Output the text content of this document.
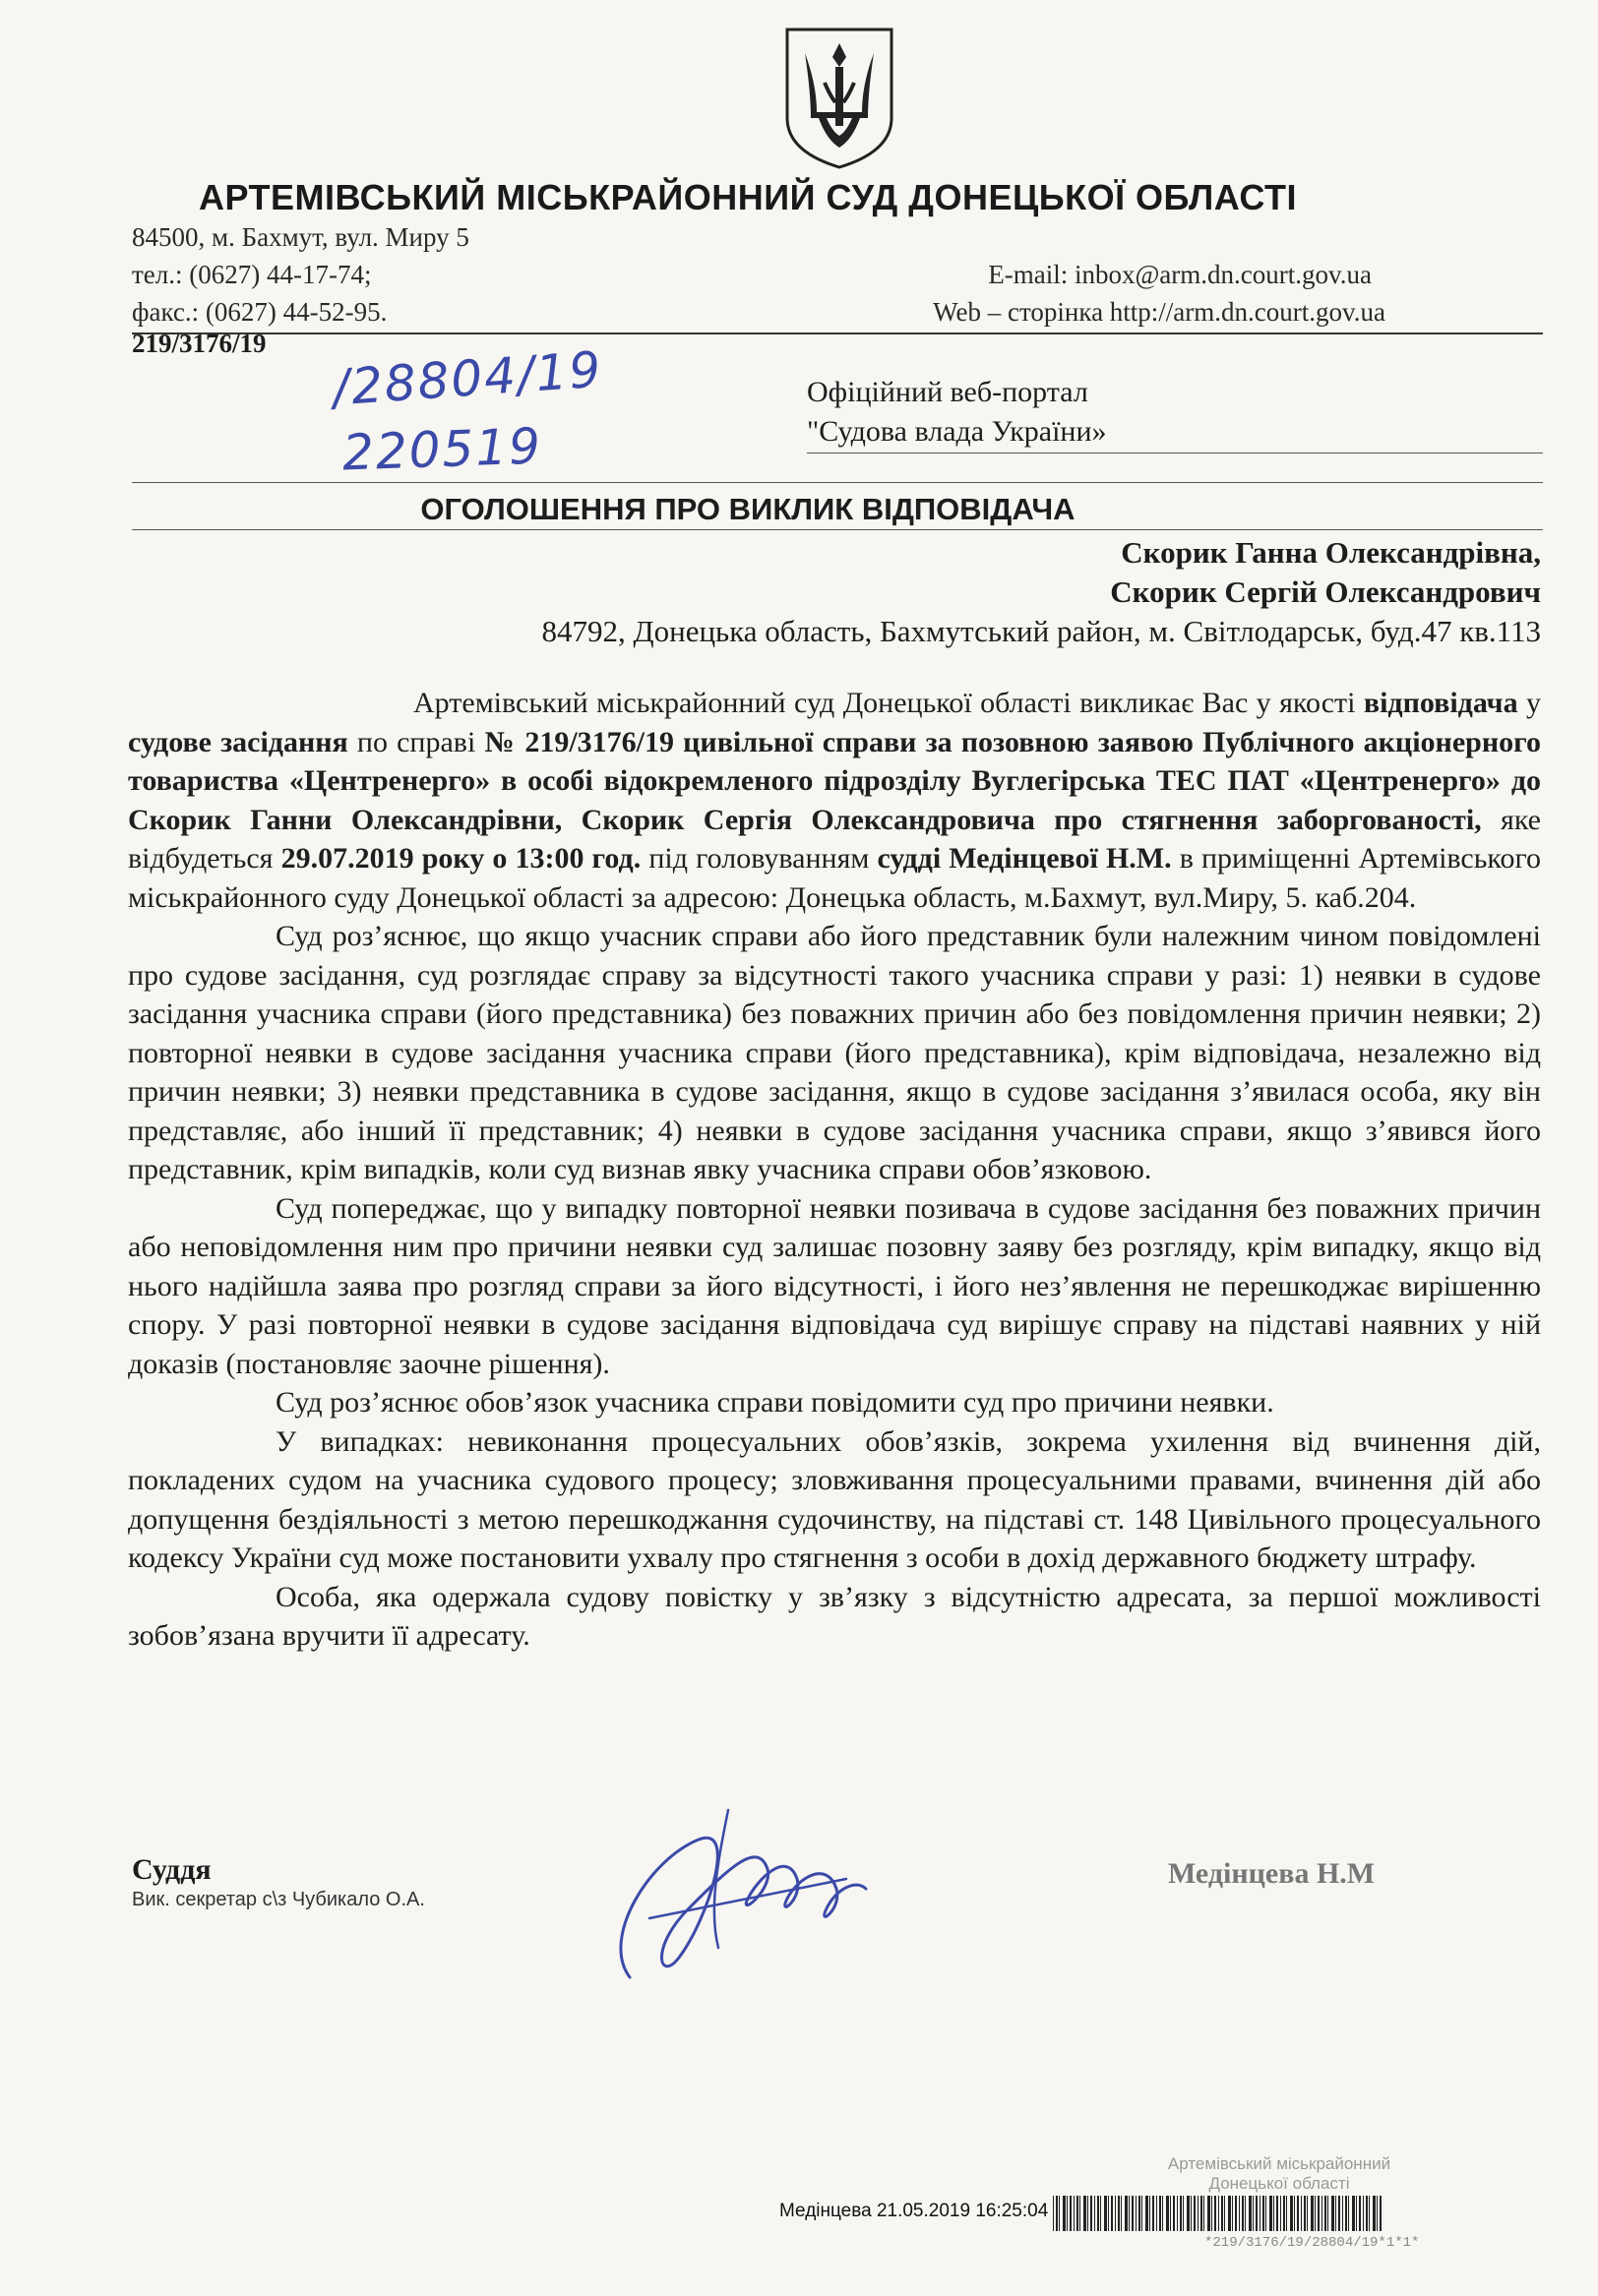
АРТЕМІВСЬКИЙ МІСЬКРАЙОННИЙ СУД ДОНЕЦЬКОЇ ОБЛАСТІ
84500, м. Бахмут, вул. Миру 5
тел.: (0627) 44-17-74;	E-mail: inbox@arm.dn.court.gov.ua
факс.: (0627) 44-52-95.	Web – сторінка http://arm.dn.court.gov.ua
219/3176/19 /28804/19
220519
Офіційний веб-портал
"Судова влада України»
ОГОЛОШЕННЯ ПРО ВИКЛИК ВІДПОВІДАЧА
Скорик Ганна Олександрівна,
Скорик Сергій Олександрович
84792, Донецька область, Бахмутський район, м. Світлодарськ, буд.47 кв.113

Артемівський міськрайонний суд Донецької області викликає Вас у якості відповідача у судове засідання по справі № 219/3176/19 цивільної справи за позовною заявою Публічного акціонерного товариства «Центренерго» в особі відокремленого підрозділу Вуглегірська ТЕС ПАТ «Центренерго» до Скорик Ганни Олександрівни, Скорик Сергія Олександровича про стягнення заборгованості, яке відбудеться 29.07.2019 року о 13:00 год. під головуванням судді Медінцевої Н.М. в приміщенні Артемівського міськрайонного суду Донецької області за адресою: Донецька область, м.Бахмут, вул.Миру, 5. каб.204.

Суд роз’яснює, що якщо учасник справи або його представник були належним чином повідомлені про судове засідання, суд розглядає справу за відсутності такого учасника справи у разі: 1) неявки в судове засідання учасника справи (його представника) без поважних причин або без повідомлення причин неявки; 2) повторної неявки в судове засідання учасника справи (його представника), крім відповідача, незалежно від причин неявки; 3) неявки представника в судове засідання, якщо в судове засідання з’явилася особа, яку він представляє, або інший її представник; 4) неявки в судове засідання учасника справи, якщо з’явився його представник, крім випадків, коли суд визнав явку учасника справи обов’язковою.

Суд попереджає, що у випадку повторної неявки позивача в судове засідання без поважних причин або неповідомлення ним про причини неявки суд залишає позовну заяву без розгляду, крім випадку, якщо від нього надійшла заява про розгляд справи за його відсутності, і його нез’явлення не перешкоджає вирішенню спору. У разі повторної неявки в судове засідання відповідача суд вирішує справу на підставі наявних у ній доказів (постановляє заочне рішення).

Суд роз’яснює обов’язок учасника справи повідомити суд про причини неявки.

У випадках: невиконання процесуальних обов’язків, зокрема ухилення від вчинення дій, покладених судом на учасника судового процесу; зловживання процесуальними правами, вчинення дій або допущення бездіяльності з метою перешкоджання судочинству, на підставі ст. 148 Цивільного процесуального кодексу України суд може постановити ухвалу про стягнення з особи в дохід державного бюджету штрафу.

Особа, яка одержала судову повістку у зв’язку з відсутністю адресата, за першої можливості зобов’язана вручити її адресату.

Суддя
Вик. секретар с\з Чубикало О.А.
Медінцева Н.М
Артемівський міськрайонний
Донецької області
Медінцева 21.05.2019 16:25:04
*219/3176/19/28804/19*1*1*
